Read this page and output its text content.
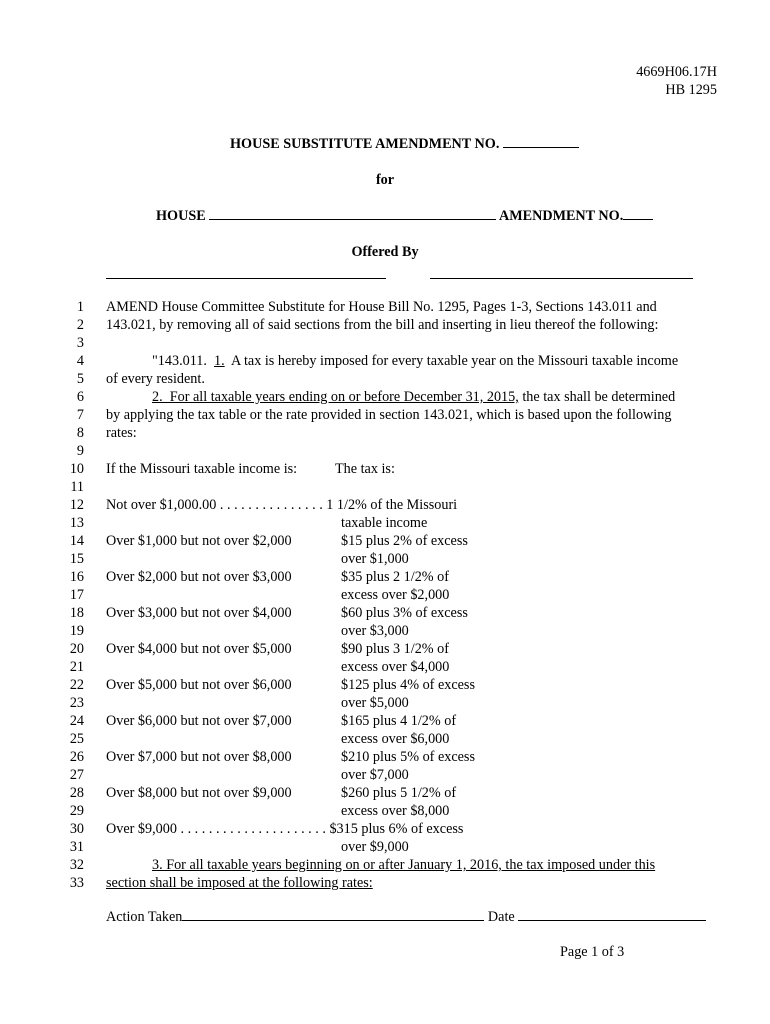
4669H06.17H
HB 1295
HOUSE SUBSTITUTE AMENDMENT NO.
for
HOUSE	AMENDMENT NO.
Offered By
1
2
3
4
5
6
7
8
9
10
11
12
13
14
15
16
17
18
19
20
21
22
23
24
25
26
27
28
29
30
31
32
33
AMEND House Committee Substitute for House Bill No. 1295, Pages 1-3, Sections 143.011 and
143.021, by removing all of said sections from the bill and inserting in lieu thereof the following:
"143.011.  1.  A tax is hereby imposed for every taxable year on the Missouri taxable income
of every resident.
2.  For all taxable years ending on or before December 31, 2015, the tax shall be determined
by applying the tax table or the rate provided in section 143.021, which is based upon the following
rates:
If the Missouri taxable income is:	The tax is:
Not over $1,000.00 . . . . . . . . . . . . . . . 1 1/2% of the Missouri
taxable income
Over $1,000 but not over $2,000	$15 plus 2% of excess
over $1,000
Over $2,000 but not over $3,000	$35 plus 2 1/2% of
excess over $2,000
Over $3,000 but not over $4,000	$60 plus 3% of excess
over $3,000
Over $4,000 but not over $5,000	$90 plus 3 1/2% of
excess over $4,000
Over $5,000 but not over $6,000	$125 plus 4% of excess
over $5,000
Over $6,000 but not over $7,000	$165 plus 4 1/2% of
excess over $6,000
Over $7,000 but not over $8,000	$210 plus 5% of excess
over $7,000
Over $8,000 but not over $9,000	$260 plus 5 1/2% of
excess over $8,000
Over $9,000 . . . . . . . . . . . . . . . . . . . . . $315 plus 6% of excess
over $9,000
3. For all taxable years beginning on or after January 1, 2016, the tax imposed under this
section shall be imposed at the following rates:
Action Taken	Date
Page 1 of 3
